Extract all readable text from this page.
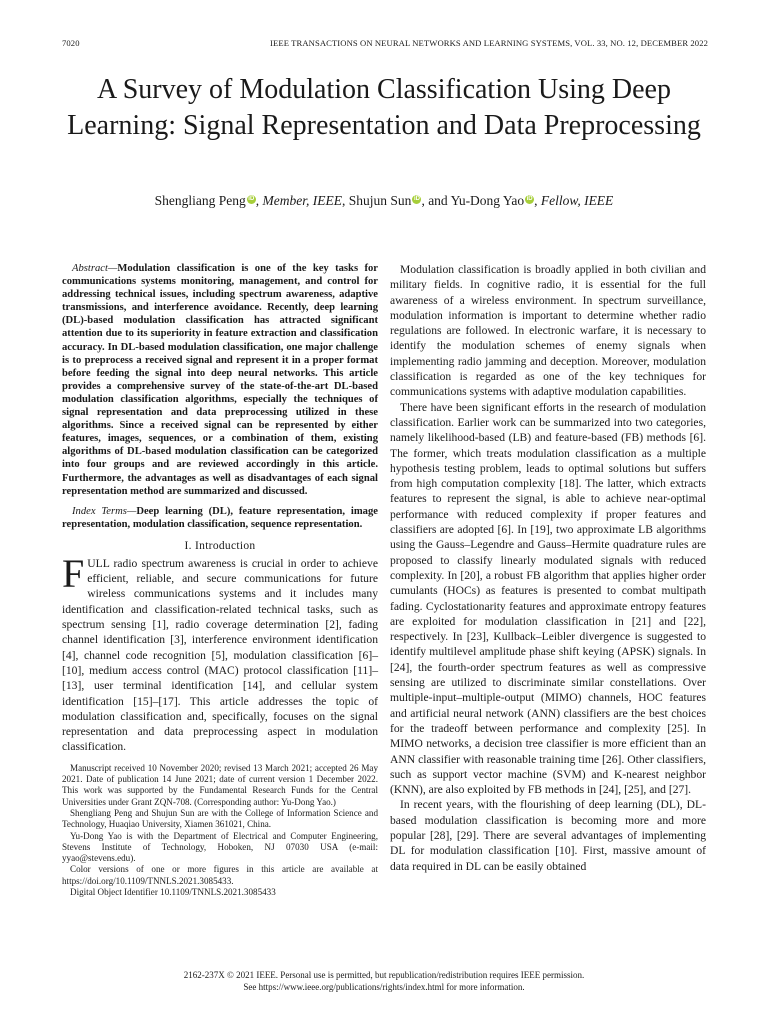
7020	IEEE TRANSACTIONS ON NEURAL NETWORKS AND LEARNING SYSTEMS, VOL. 33, NO. 12, DECEMBER 2022
A Survey of Modulation Classification Using Deep Learning: Signal Representation and Data Preprocessing
Shengliang Peng iD , Member, IEEE, Shujun Sun iD , and Yu-Dong Yao iD , Fellow, IEEE

Abstract—Modulation classification is one of the key tasks for communications systems monitoring, management, and control for addressing technical issues, including spectrum awareness, adaptive transmissions, and interference avoidance. Recently, deep learning (DL)-based modulation classification has attracted significant attention due to its superiority in feature extraction and classification accuracy. In DL-based modulation classification, one major challenge is to preprocess a received signal and represent it in a proper format before feeding the signal into deep neural networks. This article provides a comprehensive survey of the state-of-the-art DL-based modulation classification algorithms, especially the techniques of signal representation and data preprocessing utilized in these algorithms. Since a received signal can be represented by either features, images, sequences, or a combination of them, existing algorithms of DL-based modulation classification can be categorized into four groups and are reviewed accordingly in this article. Furthermore, the advantages as well as disadvantages of each signal representation method are summarized and discussed.

Index Terms—Deep learning (DL), feature representation, image representation, modulation classification, sequence representation.

I. Introduction

FULL radio spectrum awareness is crucial in order to achieve efficient, reliable, and secure communications for future wireless communications systems and it includes many identification and classification-related technical tasks, such as spectrum sensing [1], radio coverage determination [2], fading channel identification [3], interference environment identification [4], channel code recognition [5], modulation classification [6]–[10], medium access control (MAC) protocol classification [11]–[13], user terminal identification [14], and cellular system identification [15]–[17]. This article addresses the topic of modulation classification and, specifically, focuses on the signal representation and data preprocessing aspect in modulation classification.

Manuscript received 10 November 2020; revised 13 March 2021; accepted 26 May 2021. Date of publication 14 June 2021; date of current version 1 December 2022. This work was supported by the Fundamental Research Funds for the Central Universities under Grant ZQN-708. (Corresponding author: Yu-Dong Yao.)

Shengliang Peng and Shujun Sun are with the College of Information Science and Technology, Huaqiao University, Xiamen 361021, China.

Yu-Dong Yao is with the Department of Electrical and Computer Engineering, Stevens Institute of Technology, Hoboken, NJ 07030 USA (e-mail: yyao@stevens.edu).

Color versions of one or more figures in this article are available at https://doi.org/10.1109/TNNLS.2021.3085433.

Digital Object Identifier 10.1109/TNNLS.2021.3085433

Modulation classification is broadly applied in both civilian and military fields. In cognitive radio, it is essential for the full awareness of a wireless environment. In spectrum surveillance, modulation information is important to determine whether radio regulations are followed. In electronic warfare, it is necessary to identify the modulation schemes of enemy signals when implementing radio jamming and deception. Moreover, modulation classification is regarded as one of the key techniques for communications systems with adaptive modulation capabilities.

There have been significant efforts in the research of modulation classification. Earlier work can be summarized into two categories, namely likelihood-based (LB) and feature-based (FB) methods [6]. The former, which treats modulation classification as a multiple hypothesis testing problem, leads to optimal solutions but suffers from high computation complexity [18]. The latter, which extracts features to represent the signal, is able to achieve near-optimal performance with reduced complexity if proper features and classifiers are adopted [6]. In [19], two approximate LB algorithms using the Gauss–Legendre and Gauss–Hermite quadrature rules are proposed to classify linearly modulated signals with reduced complexity. In [20], a robust FB algorithm that applies higher order cumulants (HOCs) as features is presented to combat multipath fading. Cyclostationarity features and approximate entropy features are exploited for modulation classification in [21] and [22], respectively. In [23], Kullback–Leibler divergence is suggested to identify multilevel amplitude phase shift keying (APSK) signals. In [24], the fourth-order spectrum features as well as compressive sensing are utilized to discriminate similar constellations. Over multiple-input–multiple-output (MIMO) channels, HOC features and artificial neural network (ANN) classifiers are the best choices for the tradeoff between performance and complexity [25]. In MIMO networks, a decision tree classifier is more efficient than an ANN classifier with reasonable training time [26]. Other classifiers, such as support vector machine (SVM) and K-nearest neighbor (KNN), are also exploited by FB methods in [24], [25], and [27].

In recent years, with the flourishing of deep learning (DL), DL-based modulation classification is becoming more and more popular [28], [29]. There are several advantages of implementing DL for modulation classification [10]. First, massive amount of data required in DL can be easily obtained

2162-237X © 2021 IEEE. Personal use is permitted, but republication/redistribution requires IEEE permission.
See https://www.ieee.org/publications/rights/index.html for more information.
